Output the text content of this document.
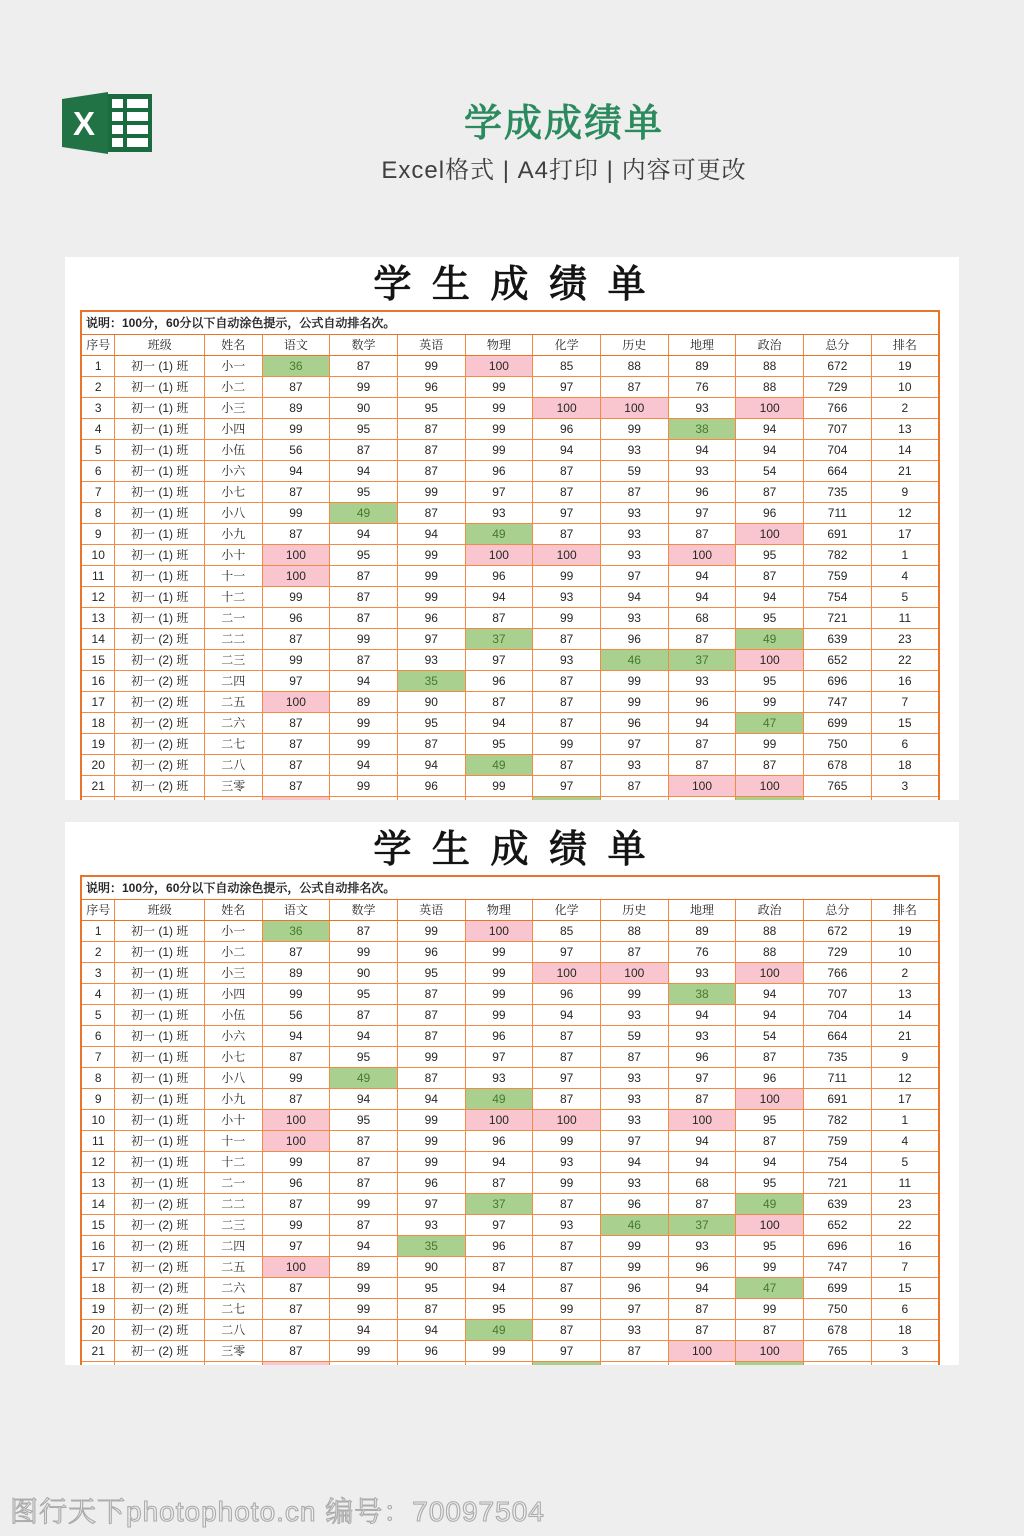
X	学成成绩单
Excel格式 | A4打印 | 内容可更改
学 生 成 绩 单
说明：100分，60分以下自动涂色提示，公式自动排名次。												
序号	班级	姓名	语文	数学	英语	物理	化学	历史	地理	政治	总分	排名
1	初一 (1) 班	小一	36	87	99	100	85	88	89	88	672	19
2	初一 (1) 班	小二	87	99	96	99	97	87	76	88	729	10
3	初一 (1) 班	小三	89	90	95	99	100	100	93	100	766	2
4	初一 (1) 班	小四	99	95	87	99	96	99	38	94	707	13
5	初一 (1) 班	小伍	56	87	87	99	94	93	94	94	704	14
6	初一 (1) 班	小六	94	94	87	96	87	59	93	54	664	21
7	初一 (1) 班	小七	87	95	99	97	87	87	96	87	735	9
8	初一 (1) 班	小八	99	49	87	93	97	93	97	96	711	12
9	初一 (1) 班	小九	87	94	94	49	87	93	87	100	691	17
10	初一 (1) 班	小十	100	95	99	100	100	93	100	95	782	1
11	初一 (1) 班	十一	100	87	99	96	99	97	94	87	759	4
12	初一 (1) 班	十二	99	87	99	94	93	94	94	94	754	5
13	初一 (1) 班	二一	96	87	96	87	99	93	68	95	721	11
14	初一 (2) 班	二二	87	99	97	37	87	96	87	49	639	23
15	初一 (2) 班	二三	99	87	93	97	93	46	37	100	652	22
16	初一 (2) 班	二四	97	94	35	96	87	99	93	95	696	16
17	初一 (2) 班	二五	100	89	90	87	87	99	96	99	747	7
18	初一 (2) 班	二六	87	99	95	94	87	96	94	47	699	15
19	初一 (2) 班	二七	87	99	87	95	99	97	87	99	750	6
20	初一 (2) 班	二八	87	94	94	49	87	93	87	87	678	18
21	初一 (2) 班	三零	87	99	96	99	97	87	100	100	765	3

学 生 成 绩 单
说明：100分，60分以下自动涂色提示，公式自动排名次。												
序号	班级	姓名	语文	数学	英语	物理	化学	历史	地理	政治	总分	排名
1	初一 (1) 班	小一	36	87	99	100	85	88	89	88	672	19
2	初一 (1) 班	小二	87	99	96	99	97	87	76	88	729	10
3	初一 (1) 班	小三	89	90	95	99	100	100	93	100	766	2
4	初一 (1) 班	小四	99	95	87	99	96	99	38	94	707	13
5	初一 (1) 班	小伍	56	87	87	99	94	93	94	94	704	14
6	初一 (1) 班	小六	94	94	87	96	87	59	93	54	664	21
7	初一 (1) 班	小七	87	95	99	97	87	87	96	87	735	9
8	初一 (1) 班	小八	99	49	87	93	97	93	97	96	711	12
9	初一 (1) 班	小九	87	94	94	49	87	93	87	100	691	17
10	初一 (1) 班	小十	100	95	99	100	100	93	100	95	782	1
11	初一 (1) 班	十一	100	87	99	96	99	97	94	87	759	4
12	初一 (1) 班	十二	99	87	99	94	93	94	94	94	754	5
13	初一 (1) 班	二一	96	87	96	87	99	93	68	95	721	11
14	初一 (2) 班	二二	87	99	97	37	87	96	87	49	639	23
15	初一 (2) 班	二三	99	87	93	97	93	46	37	100	652	22
16	初一 (2) 班	二四	97	94	35	96	87	99	93	95	696	16
17	初一 (2) 班	二五	100	89	90	87	87	99	96	99	747	7
18	初一 (2) 班	二六	87	99	95	94	87	96	94	47	699	15
19	初一 (2) 班	二七	87	99	87	95	99	97	87	99	750	6
20	初一 (2) 班	二八	87	94	94	49	87	93	87	87	678	18
21	初一 (2) 班	三零	87	99	96	99	97	87	100	100	765	3

图行天下photophoto.cn 编号：70097504
